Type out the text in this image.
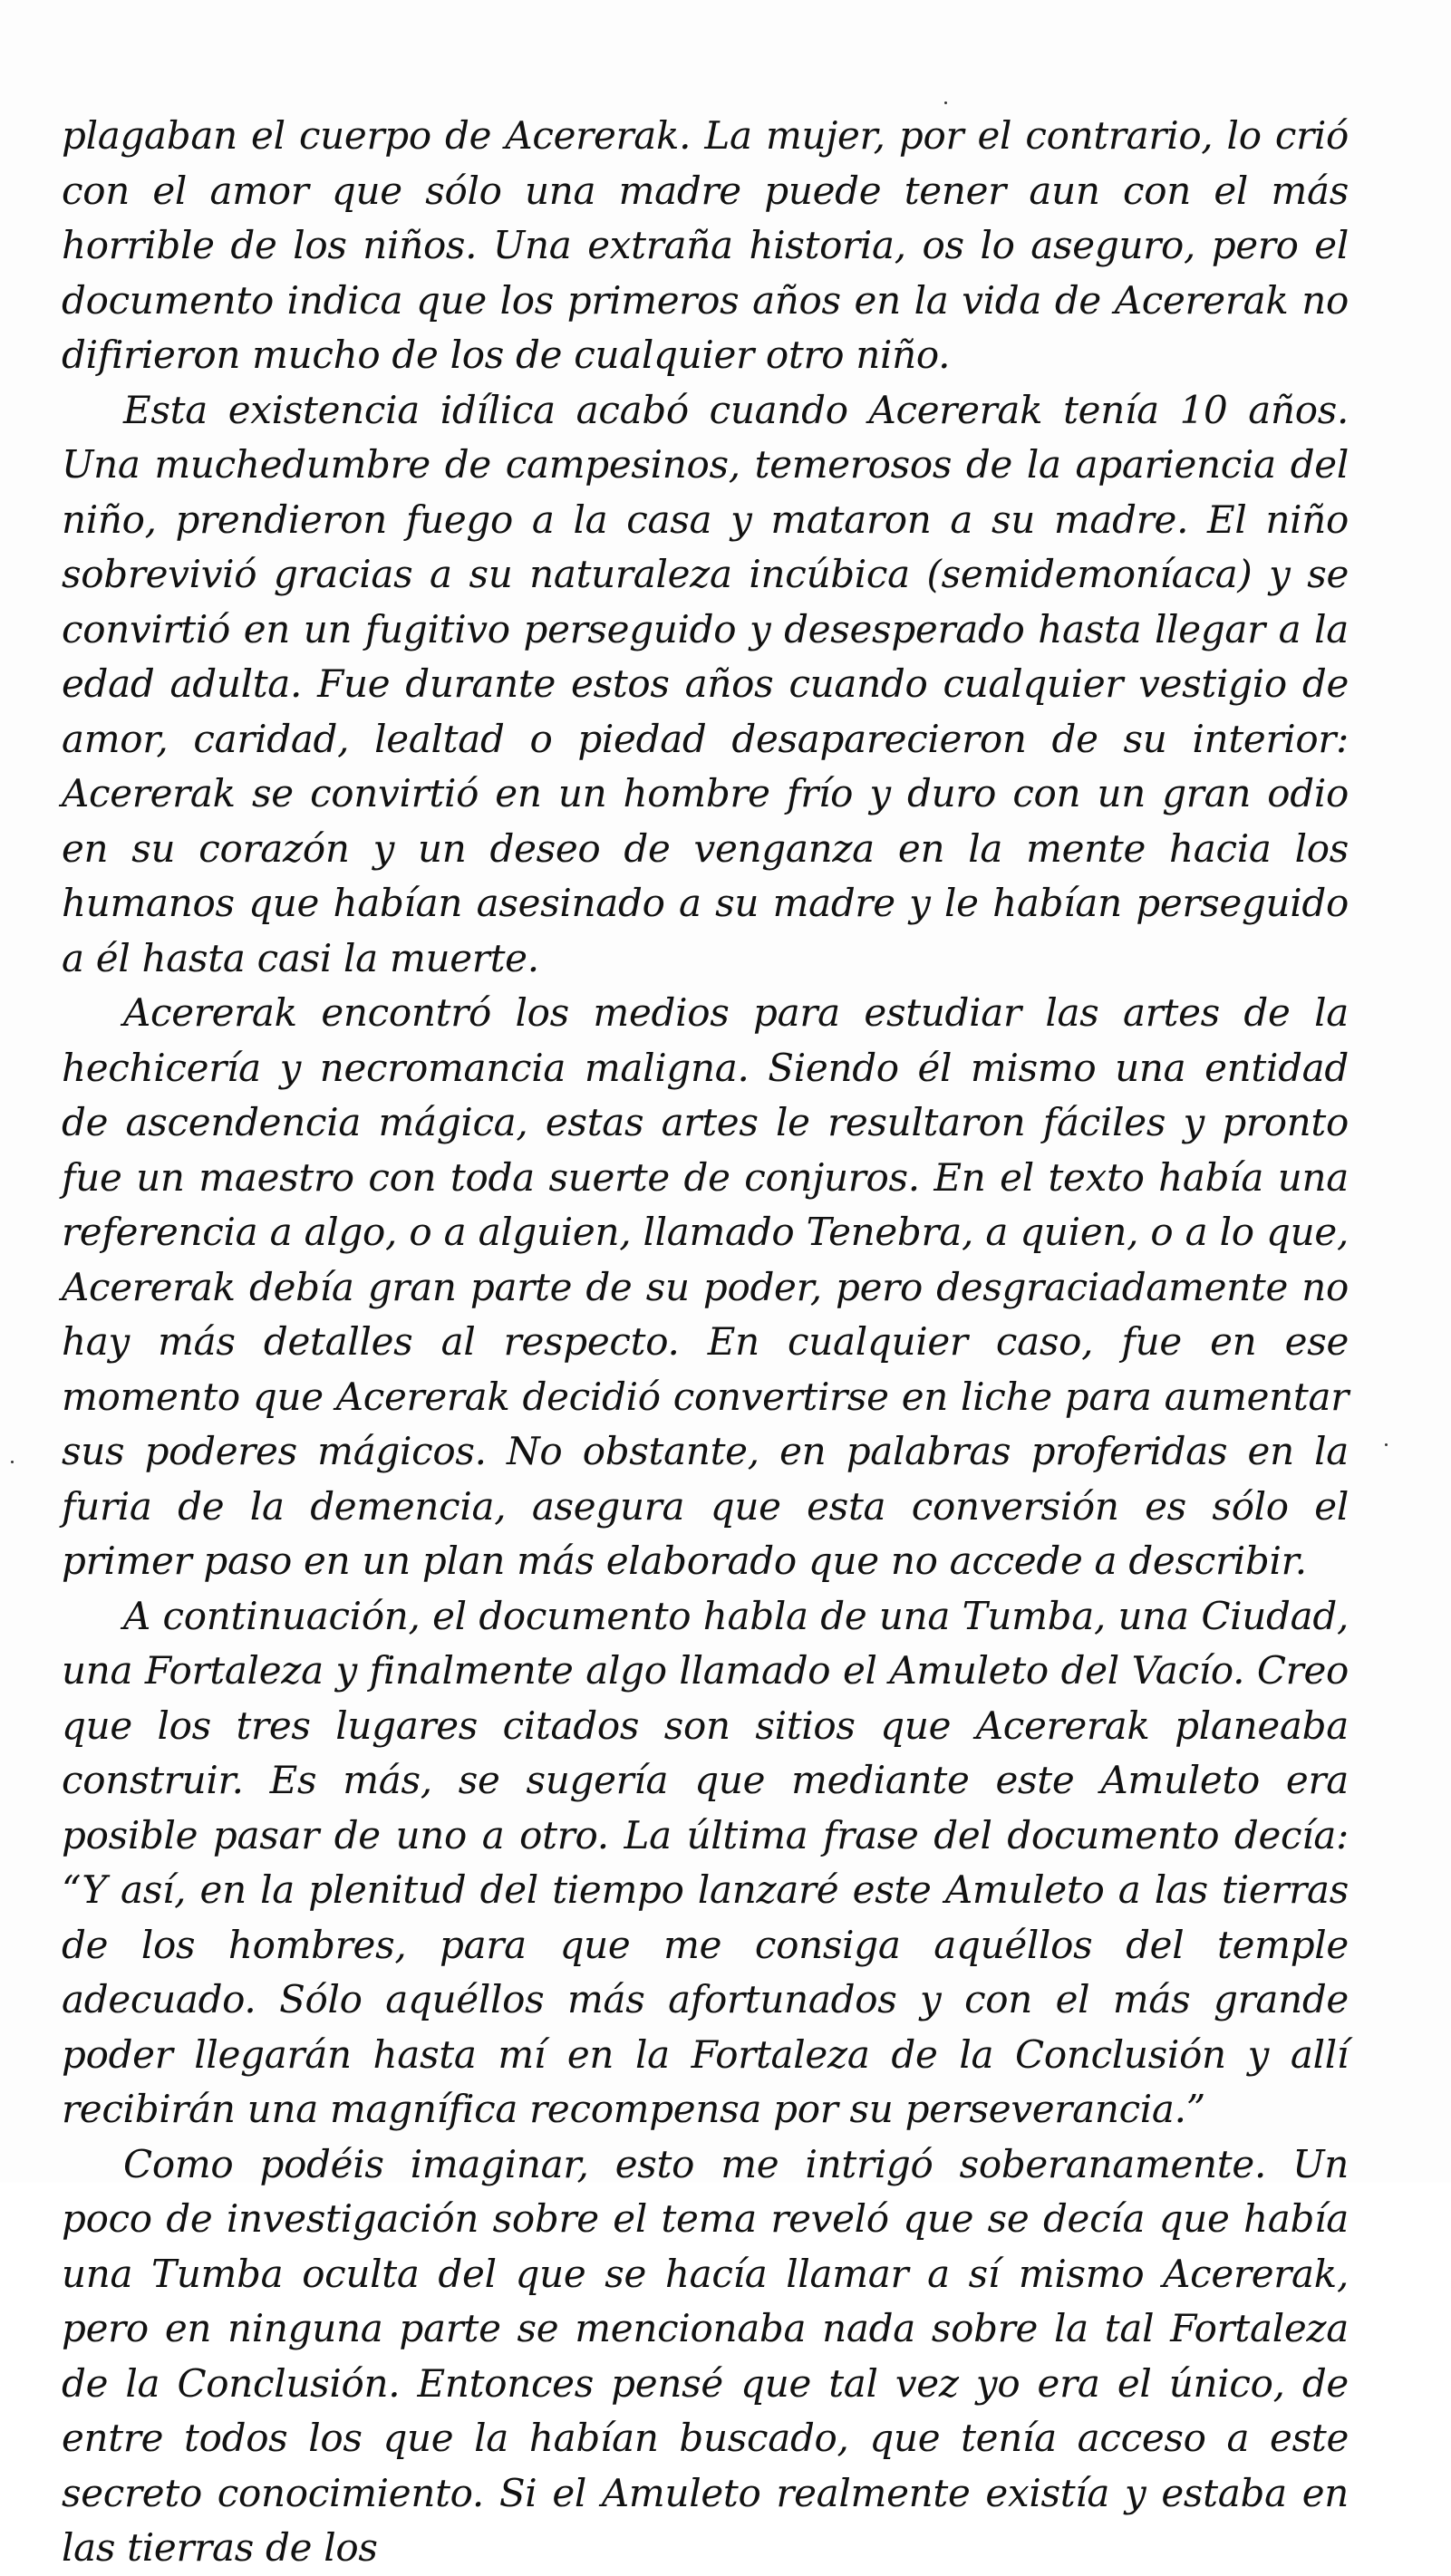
plagaban el cuerpo de Acererak. La mujer, por el contrario, lo crió con el amor que sólo una madre puede tener aun con el más horrible de los niños. Una extraña historia, os lo aseguro, pero el documento indica que los primeros años en la vida de Acererak no difirieron mucho de los de cualquier otro niño.

Esta existencia idílica acabó cuando Acererak tenía 10 años. Una muchedumbre de campesinos, temerosos de la apariencia del niño, prendieron fuego a la casa y mataron a su madre. El niño sobrevivió gracias a su naturaleza incúbica (semidemoníaca) y se convirtió en un fugitivo perseguido y desesperado hasta llegar a la edad adulta. Fue durante estos años cuando cualquier vestigio de amor, caridad, lealtad o piedad desaparecieron de su interior: Acererak se convirtió en un hombre frío y duro con un gran odio en su corazón y un deseo de venganza en la mente hacia los humanos que habían asesinado a su madre y le habían perseguido a él hasta casi la muerte.

Acererak encontró los medios para estudiar las artes de la hechicería y necromancia maligna. Siendo él mismo una entidad de ascendencia mágica, estas artes le resultaron fáciles y pronto fue un maestro con toda suerte de conjuros. En el texto había una referencia a algo, o a alguien, llamado Tenebra, a quien, o a lo que, Acererak debía gran parte de su poder, pero desgraciadamente no hay más detalles al respecto. En cualquier caso, fue en ese momento que Acererak decidió convertirse en liche para aumentar sus poderes mágicos. No obstante, en palabras proferidas en la furia de la demencia, asegura que esta conversión es sólo el primer paso en un plan más elaborado que no accede a describir.

A continuación, el documento habla de una Tumba, una Ciudad, una Fortaleza y finalmente algo llamado el Amuleto del Vacío. Creo que los tres lugares citados son sitios que Acererak planeaba construir. Es más, se sugería que mediante este Amuleto era posible pasar de uno a otro. La última frase del documento decía: “Y así, en la plenitud del tiempo lanzaré este Amuleto a las tierras de los hombres, para que me consiga aquéllos del temple adecuado. Sólo aquéllos más afortunados y con el más grande poder llegarán hasta mí en la Fortaleza de la Conclusión y allí recibirán una magnífica recompensa por su perseverancia.”

Como podéis imaginar, esto me intrigó soberanamente. Un poco de investigación sobre el tema reveló que se decía que había una Tumba oculta del que se hacía llamar a sí mismo Acererak, pero en ninguna parte se mencionaba nada sobre la tal Fortaleza de la Conclusión. Entonces pensé que tal vez yo era el único, de entre todos los que la habían buscado, que tenía acceso a este secreto conocimiento. Si el Amuleto realmente existía y estaba en las tierras de los
